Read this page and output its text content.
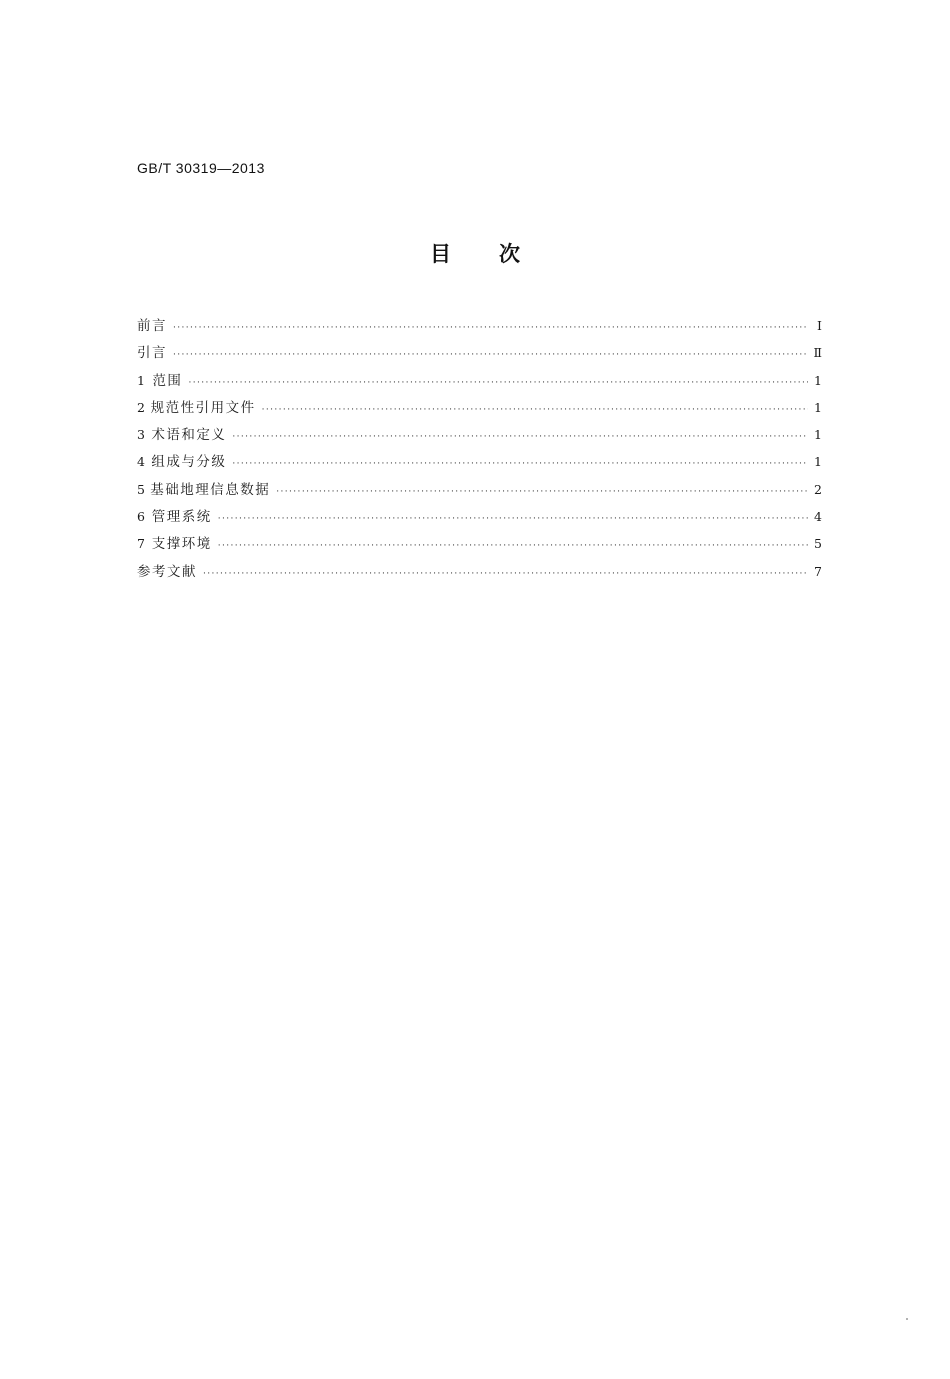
GB/T 30319—2013
目次
前言 ·····	Ⅰ
引言 ·····	Ⅱ
1 范围 ·····	1
2 规范性引用文件 ·····	1
3 术语和定义 ·····	1
4 组成与分级 ·····	1
5 基础地理信息数据 ·····	2
6 管理系统 ·····	4
7 支撑环境 ·····	5
参考文献 ·····	7
